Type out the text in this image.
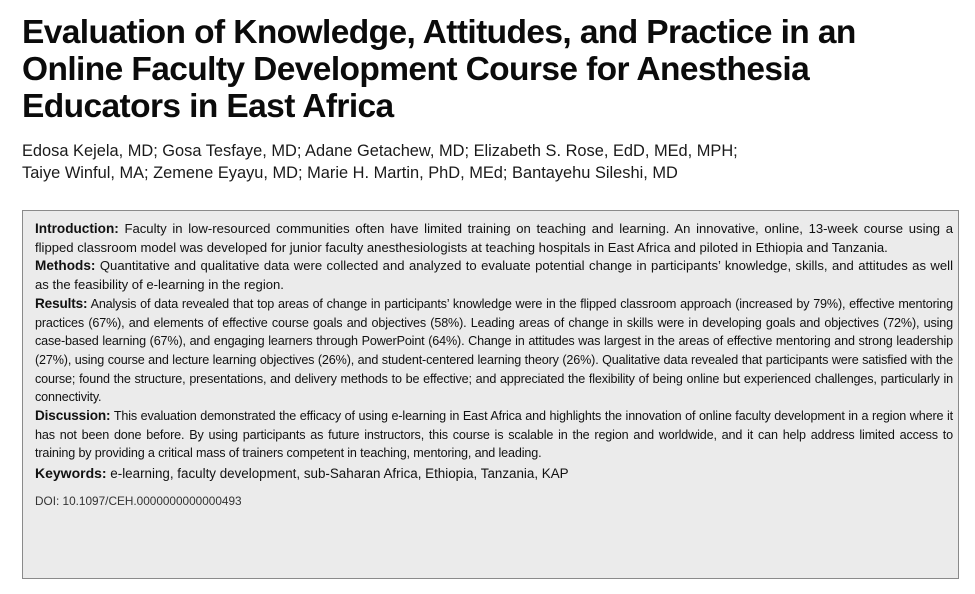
Evaluation of Knowledge, Attitudes, and Practice in an
Online Faculty Development Course for Anesthesia
Educators in East Africa
Edosa Kejela, MD; Gosa Tesfaye, MD; Adane Getachew, MD; Elizabeth S. Rose, EdD, MEd, MPH;
Taiye Winful, MA; Zemene Eyayu, MD; Marie H. Martin, PhD, MEd; Bantayehu Sileshi, MD

Introduction: Faculty in low-resourced communities often have limited training on teaching and learning. An innovative, online, 13-week course using a flipped classroom model was developed for junior faculty anesthesiologists at teaching hospitals in East Africa and piloted in Ethiopia and Tanzania.

Methods: Quantitative and qualitative data were collected and analyzed to evaluate potential change in participants’ knowledge, skills, and attitudes as well as the feasibility of e-learning in the region.

Results: Analysis of data revealed that top areas of change in participants’ knowledge were in the flipped classroom approach (increased by 79%), effective mentoring practices (67%), and elements of effective course goals and objectives (58%). Leading areas of change in skills were in developing goals and objectives (72%), using case-based learning (67%), and engaging learners through PowerPoint (64%). Change in attitudes was largest in the areas of effective mentoring and strong leadership (27%), using course and lecture learning objectives (26%), and student-centered learning theory (26%). Qualitative data revealed that participants were satisfied with the course; found the structure, presentations, and delivery methods to be effective; and appreciated the flexibility of being online but experienced challenges, particularly in connectivity.

Discussion: This evaluation demonstrated the efficacy of using e-learning in East Africa and highlights the innovation of online faculty development in a region where it has not been done before. By using participants as future instructors, this course is scalable in the region and worldwide, and it can help address limited access to training by providing a critical mass of trainers competent in teaching, mentoring, and leading.

Keywords: e-learning, faculty development, sub-Saharan Africa, Ethiopia, Tanzania, KAP

DOI: 10.1097/CEH.0000000000000493
